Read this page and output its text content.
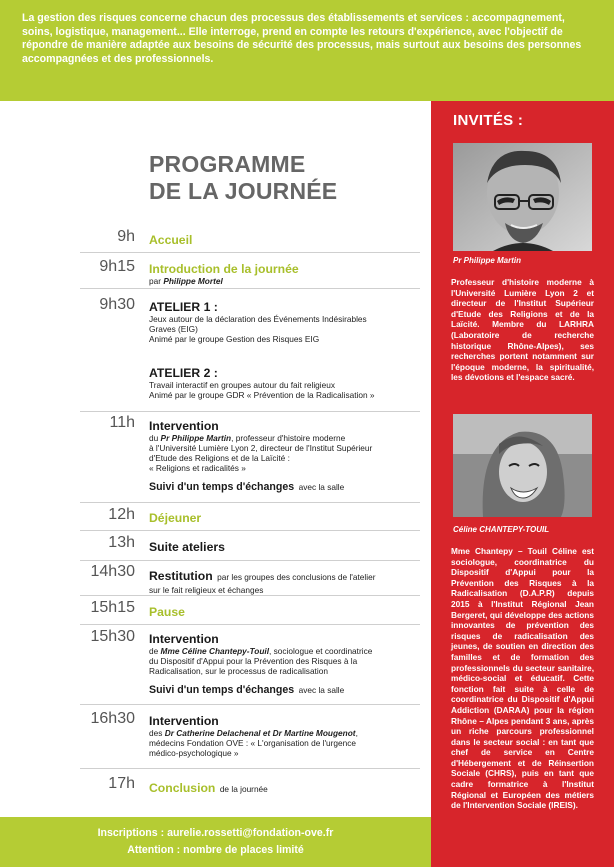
La gestion des risques concerne chacun des processus des établissements et services : accompagnement, soins, logistique, management... Elle interroge, prend en compte les retours d'expérience, avec l'objectif de répondre de manière adaptée aux besoins de sécurité des processus, mais surtout aux besoins des personnes accompagnées et des professionnels.

PROGRAMME
DE LA JOURNÉE
9h Accueil
9h15 Introduction de la journée
par Philippe Mortel
9h30 ATELIER 1 :
Jeux autour de la déclaration des Événements Indésirables
Graves (EIG)
Animé par le groupe Gestion des Risques EIG
ATELIER 2 :
Travail interactif en groupes autour du fait religieux
Animé par le groupe GDR « Prévention de la Radicalisation »
11h Intervention
du Pr Philippe Martin, professeur d'histoire moderne
à l'Université Lumière Lyon 2, directeur de l'Institut Supérieur
d'Etude des Religions et de la Laïcité :
« Religions et radicalités »
Suivi d'un temps d'échanges avec la salle
12h Déjeuner
13h Suite ateliers
14h30 Restitution par les groupes des conclusions de l'atelier
sur le fait religieux et échanges
15h15 Pause
15h30 Intervention
de Mme Céline Chantepy-Touil, sociologue et coordinatrice
du Dispositif d'Appui pour la Prévention des Risques à la
Radicalisation, sur le processus de radicalisation
Suivi d'un temps d'échanges avec la salle
16h30 Intervention
des Dr Catherine Delachenal et Dr Martine Mougenot,
médecins Fondation OVE : « L'organisation de l'urgence
médico-psychologique »
17h Conclusion de la journée
Inscriptions : aurelie.rossetti@fondation-ove.fr
Attention : nombre de places limité
INVITÉS :
Pr Philippe Martin
Professeur d'histoire moderne à l'Université Lumière Lyon 2 et directeur de l'Institut Supérieur d'Etude des Religions et de la Laïcité. Membre du LARHRA (Laboratoire de recherche historique Rhône-Alpes), ses recherches portent notamment sur l'époque moderne, la spiritualité, les dévotions et l'espace sacré.
Céline CHANTEPY-TOUIL
Mme Chantepy – Touil Céline est sociologue, coordinatrice du Dispositif d'Appui pour la Prévention des Risques à la Radicalisation (D.A.P.R) depuis 2015 à l'Institut Régional Jean Bergeret, qui développe des actions innovantes de prévention des risques de radicalisation des jeunes, de soutien en direction des familles et de formation des professionnels du secteur sanitaire, médico-social et éducatif. Cette fonction fait suite à celle de coordinatrice du Dispositif d'Appui Addiction (DARAA) pour la région Rhône – Alpes pendant 3 ans, après un riche parcours professionnel dans le secteur social : en tant que chef de service en Centre d'Hébergement et de Réinsertion Sociale (CHRS), puis en tant que cadre formatrice à l'Institut Régional et Européen des métiers de l'Intervention Sociale (IREIS).
